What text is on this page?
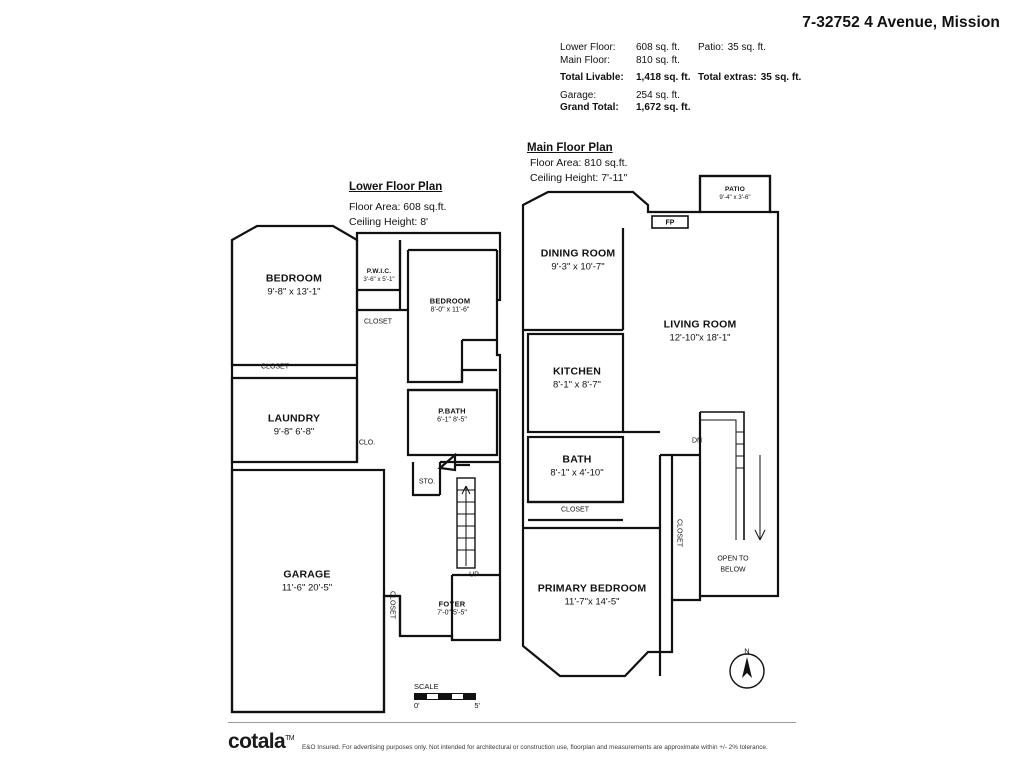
7-32752 4 Avenue, Mission
Lower Floor:	608 sq. ft.	Patio: 35 sq. ft.
Main Floor:	810 sq. ft.
Total Livable:	1,418 sq. ft. Total extras: 35 sq. ft.
Garage:	254 sq. ft.
Grand Total:	1,672 sq. ft.
Lower Floor Plan
Floor Area: 608 sq.ft.
Ceiling Height: 8'
Main Floor Plan
Floor Area: 810 sq.ft.
Ceiling Height: 7'-11"
BEDROOM
9'-8" x 13'-1"
P.W.I.C.
3'-6" x 5'-1"
BEDROOM
8'-0" x 11'-6"
LAUNDRY
9'-8" 6'-8"
P.BATH
6'-1" 8'-5"
GARAGE
11'-6" 20'-5"
FOYER
7'-0" 5'-5"
CLOSET
CLOSET
CLO.
STO.
CLOSET
UP
PATIO
9'-4" x 3'-6"
DINING ROOM
9'-3" x 10'-7"
LIVING ROOM
12'-10"x 18'-1"
KITCHEN
8'-1" x 8'-7"
BATH
8'-1" x 4'-10"
PRIMARY BEDROOM
11'-7"x 14'-5"
FP
DN
CLOSET
CLOSET
OPEN TO
BELOW
N
SCALE
0'	5'
cotala™
E&O Insured. For advertising purposes only. Not intended for architectural or construction use, floorplan and measurements are approximate within +/- 2% tolerance.
